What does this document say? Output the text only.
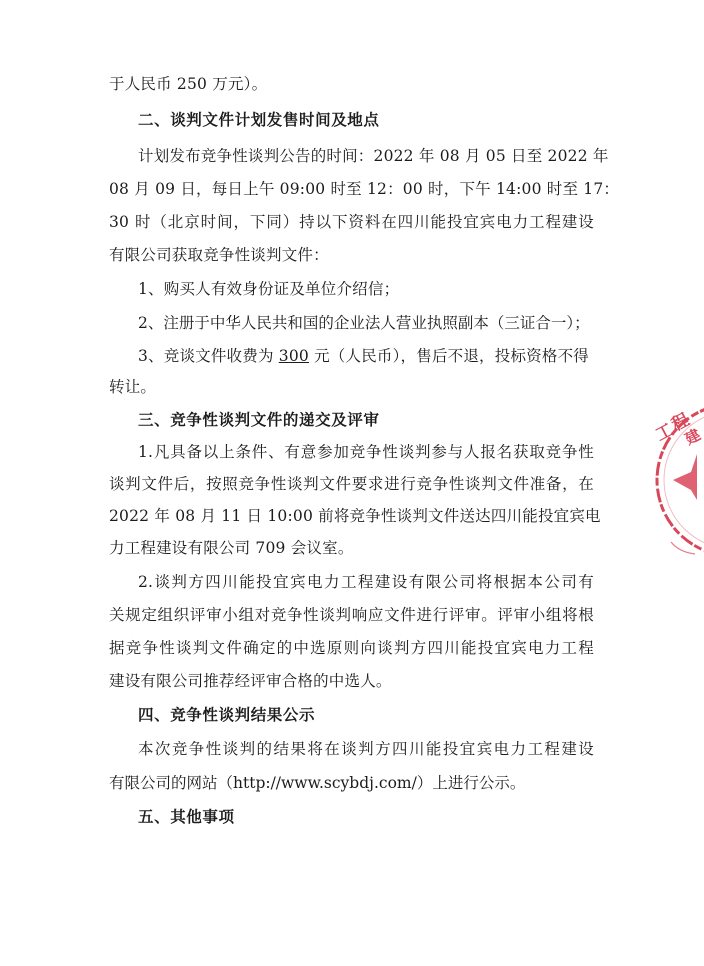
于人民币 250 万元）。
二、谈判文件计划发售时间及地点
计划发布竞争性谈判公告的时间：2022 年 08 月 05 日至 2022 年
08 月 09 日，每日上午 09:00 时至 12：00 时，下午 14:00 时至 17：
30 时（北京时间，下同）持以下资料在四川能投宜宾电力工程建设
有限公司获取竞争性谈判文件：
1、购买人有效身份证及单位介绍信；
2、注册于中华人民共和国的企业法人营业执照副本（三证合一）；
3、竞谈文件收费为 300 元（人民币），售后不退，投标资格不得
转让。
三、竞争性谈判文件的递交及评审
1.凡具备以上条件、有意参加竞争性谈判参与人报名获取竞争性
谈判文件后，按照竞争性谈判文件要求进行竞争性谈判文件准备，在
2022 年 08 月 11 日 10:00 前将竞争性谈判文件送达四川能投宜宾电
力工程建设有限公司 709 会议室。
2.谈判方四川能投宜宾电力工程建设有限公司将根据本公司有
关规定组织评审小组对竞争性谈判响应文件进行评审。评审小组将根
据竞争性谈判文件确定的中选原则向谈判方四川能投宜宾电力工程
建设有限公司推荐经评审合格的中选人。
四、竞争性谈判结果公示
本次竞争性谈判的结果将在谈判方四川能投宜宾电力工程建设
有限公司的网站（http://www.scybdj.com/）上进行公示。
五、其他事项
工
程
建
